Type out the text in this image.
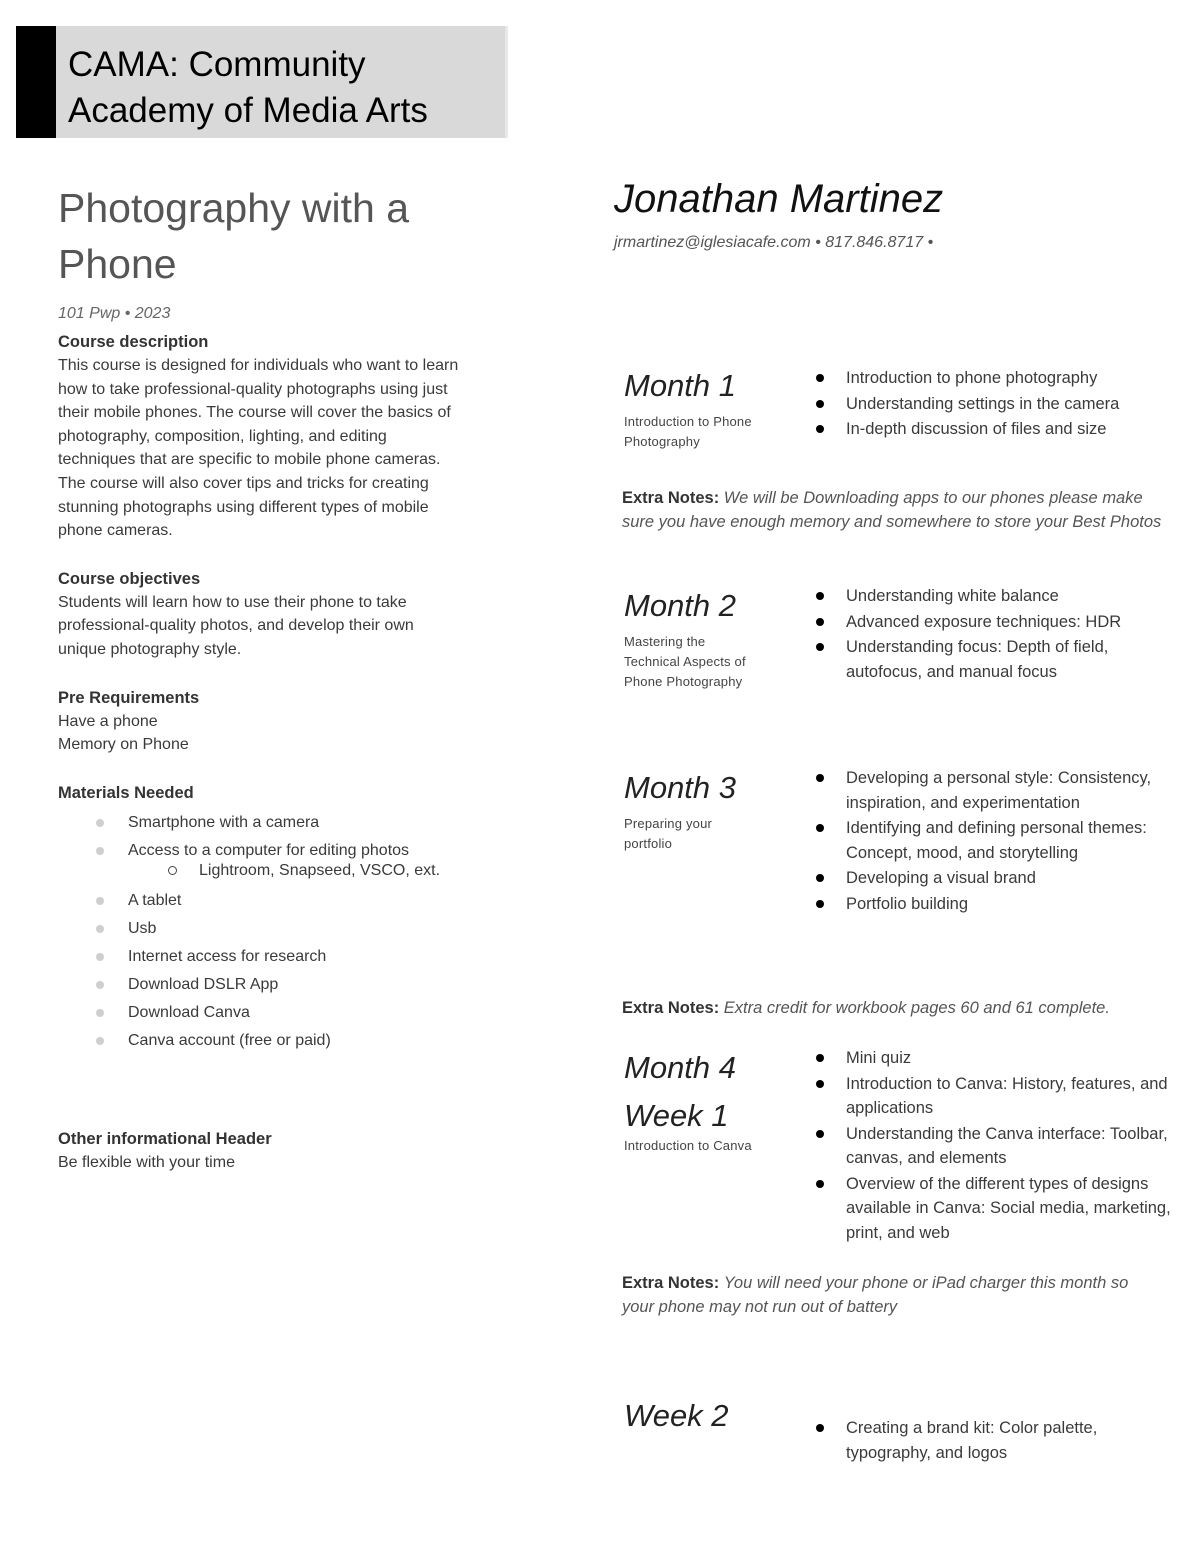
CAMA: Community
Academy of Media Arts
Photography with a
Phone
101 Pwp • 2023
Course description
This course is designed for individuals who want to learn
how to take professional-quality photographs using just
their mobile phones. The course will cover the basics of
photography, composition, lighting, and editing
techniques that are specific to mobile phone cameras.
The course will also cover tips and tricks for creating
stunning photographs using different types of mobile
phone cameras.
Course objectives
Students will learn how to use their phone to take
professional-quality photos, and develop their own
unique photography style.
Pre Requirements
Have a phone
Memory on Phone
Materials Needed
Smartphone with a camera
Access to a computer for editing photos
Lightroom, Snapseed, VSCO, ext.
A tablet
Usb
Internet access for research
Download DSLR App
Download Canva
Canva account (free or paid)
Other informational Header
Be flexible with your time
Jonathan Martinez
jrmartinez@iglesiacafe.com • 817.846.8717 •
Month 1
Introduction to Phone
Photography
Introduction to phone photography
Understanding settings in the camera
In-depth discussion of files and size
Extra Notes: We will be Downloading apps to our phones please make sure you have enough memory and somewhere to store your Best Photos
Month 2
Mastering the
Technical Aspects of
Phone Photography
Understanding white balance
Advanced exposure techniques: HDR
Understanding focus: Depth of field, autofocus, and manual focus
Month 3
Preparing your
portfolio
Developing a personal style: Consistency, inspiration, and experimentation
Identifying and defining personal themes: Concept, mood, and storytelling
Developing a visual brand
Portfolio building
Extra Notes: Extra credit for workbook pages 60 and 61 complete.
Month 4
Week 1
Introduction to Canva
Mini quiz
Introduction to Canva: History, features, and applications
Understanding the Canva interface: Toolbar, canvas, and elements
Overview of the different types of designs available in Canva: Social media, marketing, print, and web
Extra Notes: You will need your phone or iPad charger this month so your phone may not run out of battery
Week 2	Creating a brand kit: Color palette, typography, and logos
